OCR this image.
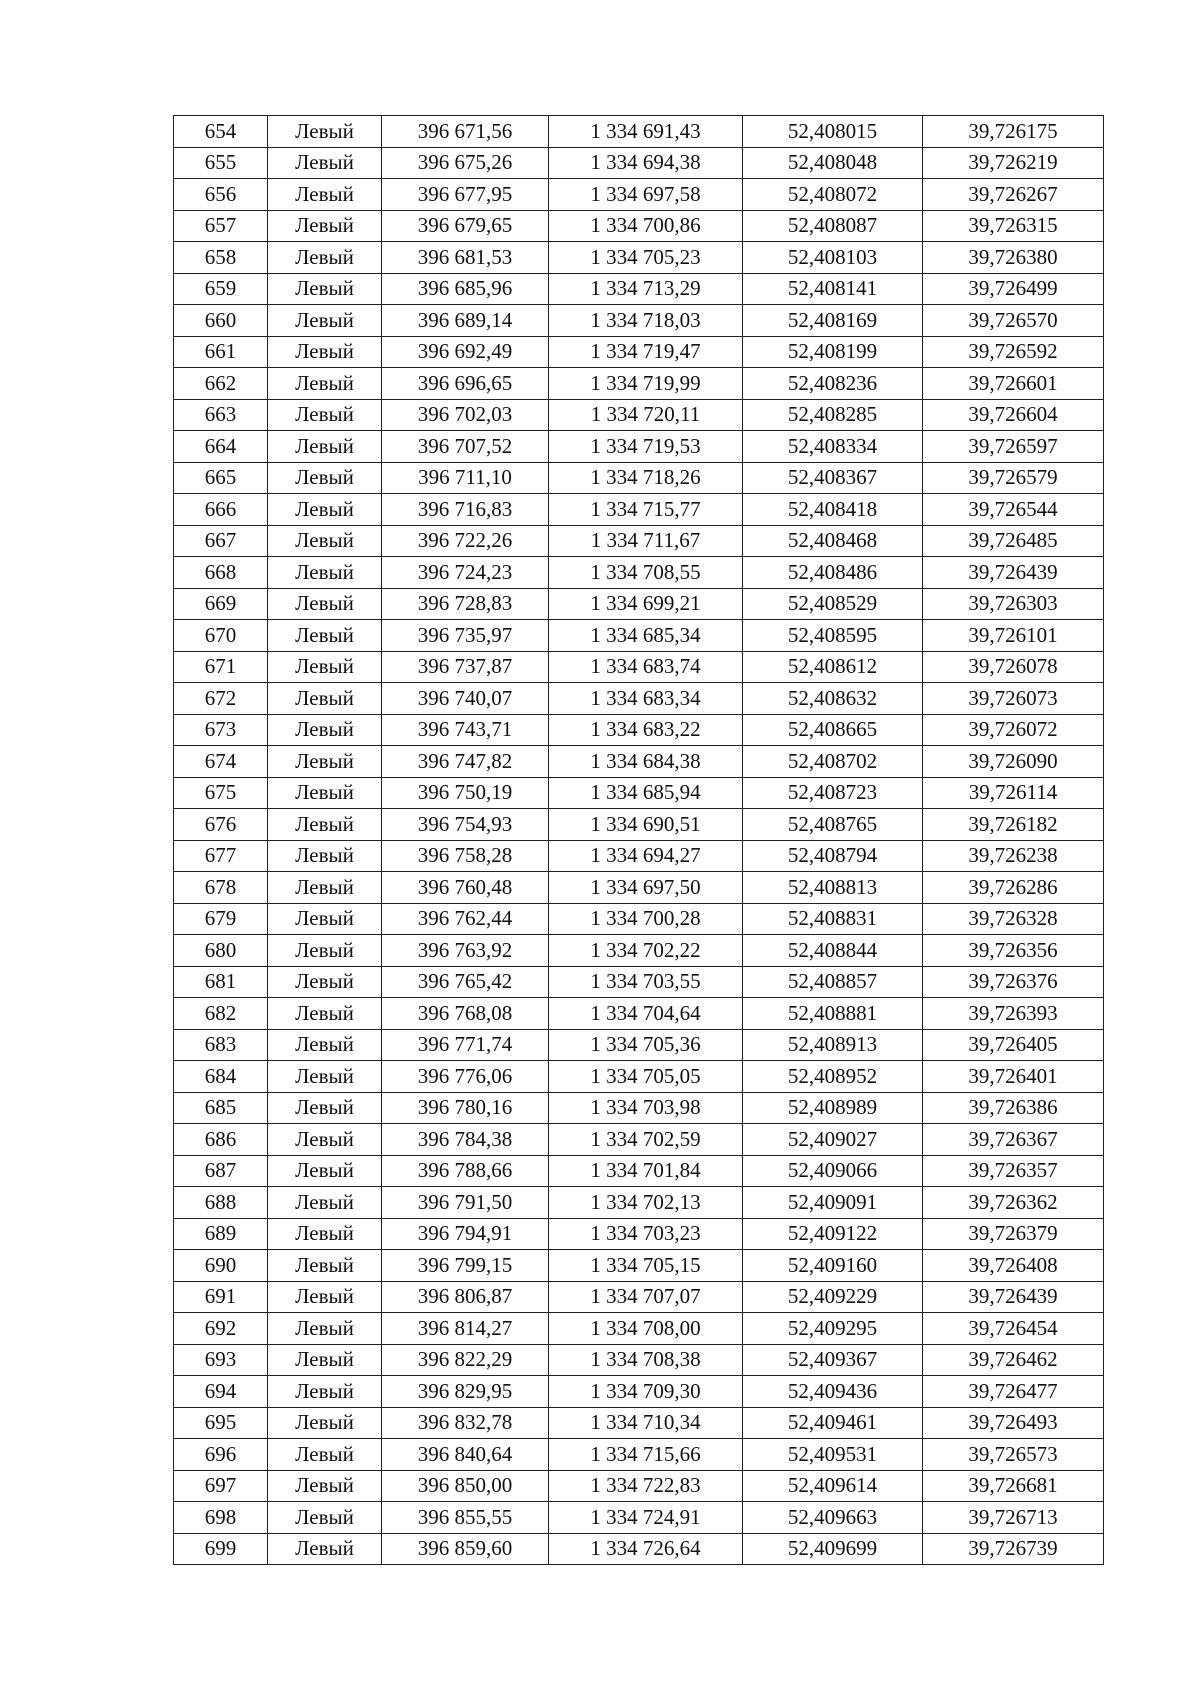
654	Левый	396 671,56	1 334 691,43	52,408015	39,726175
655	Левый	396 675,26	1 334 694,38	52,408048	39,726219
656	Левый	396 677,95	1 334 697,58	52,408072	39,726267
657	Левый	396 679,65	1 334 700,86	52,408087	39,726315
658	Левый	396 681,53	1 334 705,23	52,408103	39,726380
659	Левый	396 685,96	1 334 713,29	52,408141	39,726499
660	Левый	396 689,14	1 334 718,03	52,408169	39,726570
661	Левый	396 692,49	1 334 719,47	52,408199	39,726592
662	Левый	396 696,65	1 334 719,99	52,408236	39,726601
663	Левый	396 702,03	1 334 720,11	52,408285	39,726604
664	Левый	396 707,52	1 334 719,53	52,408334	39,726597
665	Левый	396 711,10	1 334 718,26	52,408367	39,726579
666	Левый	396 716,83	1 334 715,77	52,408418	39,726544
667	Левый	396 722,26	1 334 711,67	52,408468	39,726485
668	Левый	396 724,23	1 334 708,55	52,408486	39,726439
669	Левый	396 728,83	1 334 699,21	52,408529	39,726303
670	Левый	396 735,97	1 334 685,34	52,408595	39,726101
671	Левый	396 737,87	1 334 683,74	52,408612	39,726078
672	Левый	396 740,07	1 334 683,34	52,408632	39,726073
673	Левый	396 743,71	1 334 683,22	52,408665	39,726072
674	Левый	396 747,82	1 334 684,38	52,408702	39,726090
675	Левый	396 750,19	1 334 685,94	52,408723	39,726114
676	Левый	396 754,93	1 334 690,51	52,408765	39,726182
677	Левый	396 758,28	1 334 694,27	52,408794	39,726238
678	Левый	396 760,48	1 334 697,50	52,408813	39,726286
679	Левый	396 762,44	1 334 700,28	52,408831	39,726328
680	Левый	396 763,92	1 334 702,22	52,408844	39,726356
681	Левый	396 765,42	1 334 703,55	52,408857	39,726376
682	Левый	396 768,08	1 334 704,64	52,408881	39,726393
683	Левый	396 771,74	1 334 705,36	52,408913	39,726405
684	Левый	396 776,06	1 334 705,05	52,408952	39,726401
685	Левый	396 780,16	1 334 703,98	52,408989	39,726386
686	Левый	396 784,38	1 334 702,59	52,409027	39,726367
687	Левый	396 788,66	1 334 701,84	52,409066	39,726357
688	Левый	396 791,50	1 334 702,13	52,409091	39,726362
689	Левый	396 794,91	1 334 703,23	52,409122	39,726379
690	Левый	396 799,15	1 334 705,15	52,409160	39,726408
691	Левый	396 806,87	1 334 707,07	52,409229	39,726439
692	Левый	396 814,27	1 334 708,00	52,409295	39,726454
693	Левый	396 822,29	1 334 708,38	52,409367	39,726462
694	Левый	396 829,95	1 334 709,30	52,409436	39,726477
695	Левый	396 832,78	1 334 710,34	52,409461	39,726493
696	Левый	396 840,64	1 334 715,66	52,409531	39,726573
697	Левый	396 850,00	1 334 722,83	52,409614	39,726681
698	Левый	396 855,55	1 334 724,91	52,409663	39,726713
699	Левый	396 859,60	1 334 726,64	52,409699	39,726739
